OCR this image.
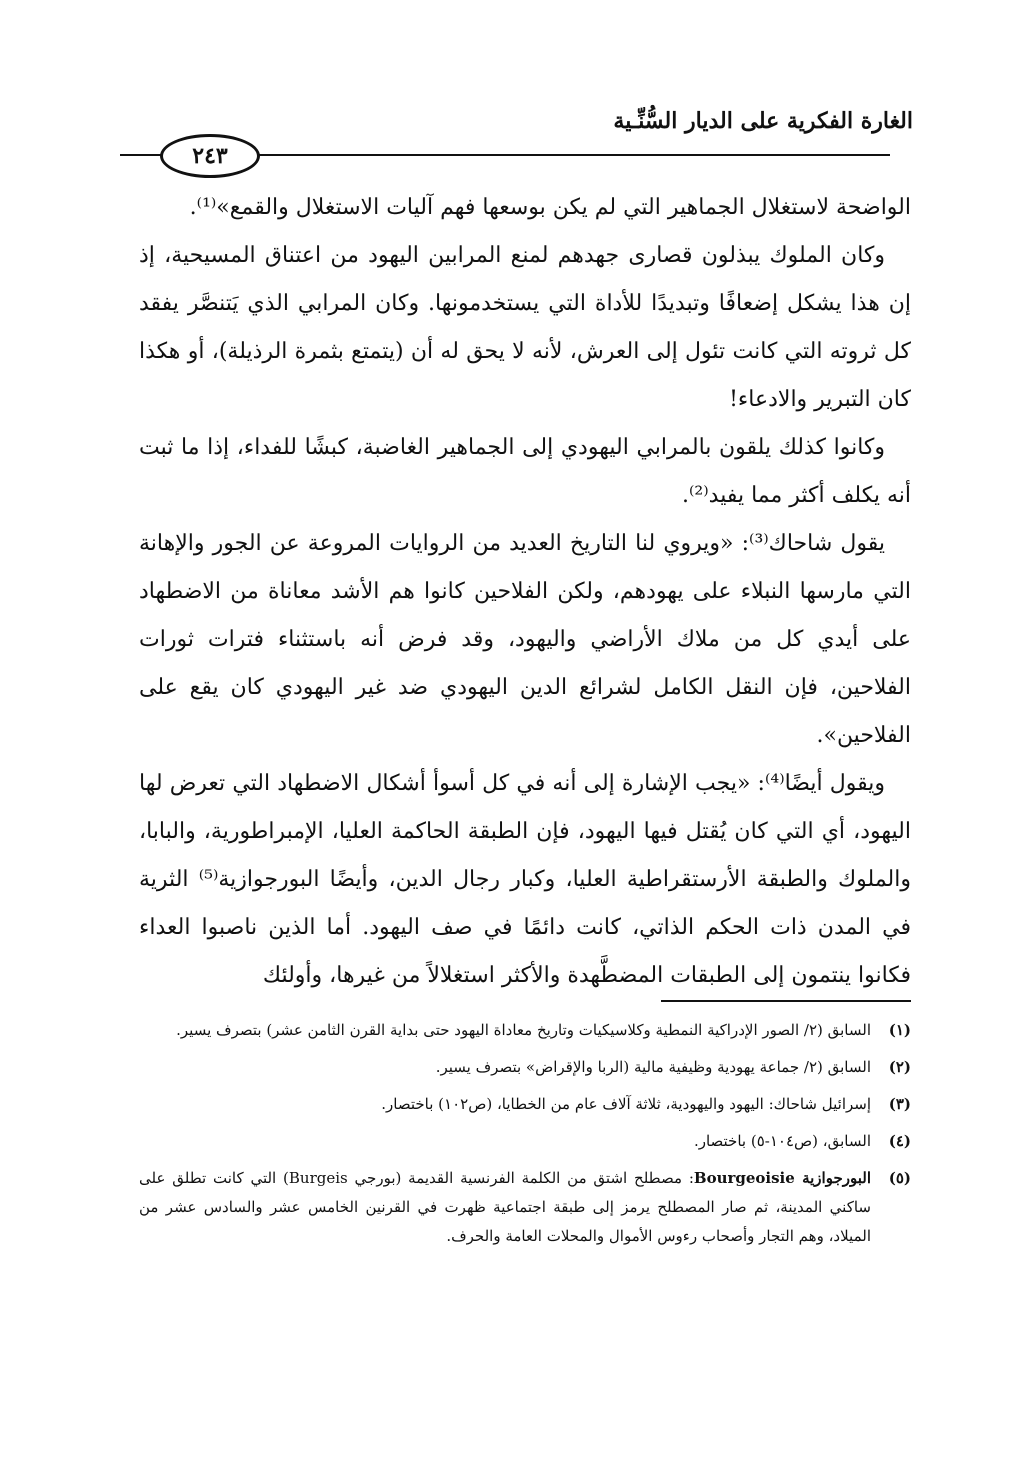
الغارة الفكرية على الديار السُّنِّـية
٢٤٣

الواضحة لاستغلال الجماهير التي لم يكن بوسعها فهم آليات الاستغلال والقمع»⁽¹⁾.

وكان الملوك يبذلون قصارى جهدهم لمنع المرابين اليهود من اعتناق المسيحية، إذ إن هذا يشكل إضعافًا وتبديدًا للأداة التي يستخدمونها. وكان المرابي الذي يَتنصَّر يفقد كل ثروته التي كانت تئول إلى العرش، لأنه لا يحق له أن (يتمتع بثمرة الرذيلة)، أو هكذا كان التبرير والادعاء!

وكانوا كذلك يلقون بالمرابي اليهودي إلى الجماهير الغاضبة، كبشًا للفداء، إذا ما ثبت أنه يكلف أكثر مما يفيد⁽²⁾.

يقول شاحاك⁽³⁾: «ويروي لنا التاريخ العديد من الروايات المروعة عن الجور والإهانة التي مارسها النبلاء على يهودهم، ولكن الفلاحين كانوا هم الأشد معاناة من الاضطهاد على أيدي كل من ملاك الأراضي واليهود، وقد فرض أنه باستثناء فترات ثورات الفلاحين، فإن النقل الكامل لشرائع الدين اليهودي ضد غير اليهودي كان يقع على الفلاحين».

ويقول أيضًا⁽⁴⁾: «يجب الإشارة إلى أنه في كل أسوأ أشكال الاضطهاد التي تعرض لها اليهود، أي التي كان يُقتل فيها اليهود، فإن الطبقة الحاكمة العليا، الإمبراطورية، والبابا، والملوك والطبقة الأرستقراطية العليا، وكبار رجال الدين، وأيضًا البورجوازية⁽⁵⁾ الثرية في المدن ذات الحكم الذاتي، كانت دائمًا في صف اليهود. أما الذين ناصبوا العداء فكانوا ينتمون إلى الطبقات المضطَّهدة والأكثر استغلالاً من غيرها، وأولئك

(١)
السابق (٢/ الصور الإدراكية النمطية وكلاسيكيات وتاريخ معاداة اليهود حتى بداية القرن الثامن عشر) بتصرف يسير.
(٢)
السابق (٢/ جماعة يهودية وظيفية مالية (الربا والإقراض» بتصرف يسير.
(٣)
إسرائيل شاحاك: اليهود واليهودية، ثلاثة آلاف عام من الخطايا، (ص١٠٢) باختصار.
(٤)
السابق، (ص١٠٤-٥) باختصار.
(٥)
البورجوازية Bourgeoisie: مصطلح اشتق من الكلمة الفرنسية القديمة (بورجي Burgeis) التي كانت تطلق على ساكني المدينة، ثم صار المصطلح يرمز إلى طبقة اجتماعية ظهرت في القرنين الخامس عشر والسادس عشر من الميلاد، وهم التجار وأصحاب رءوس الأموال والمحلات العامة والحرف.
